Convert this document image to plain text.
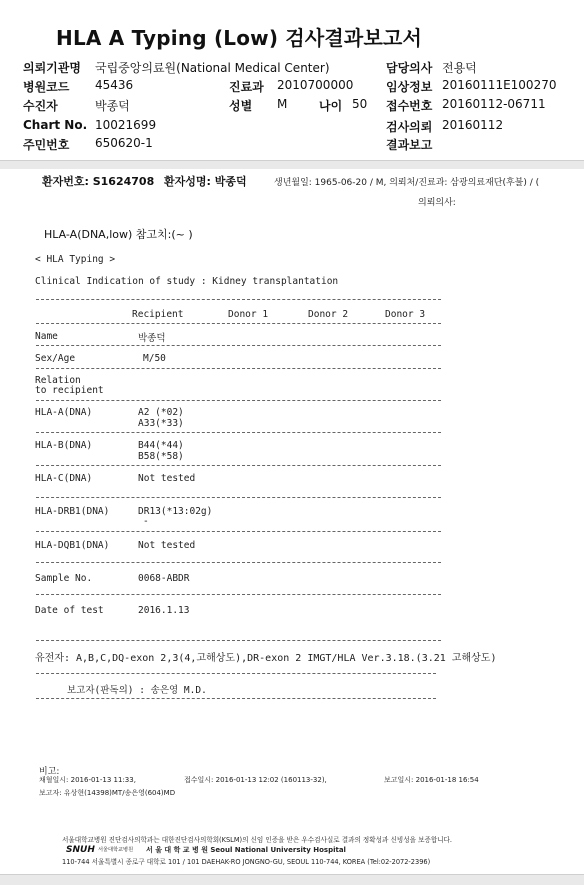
HLA A Typing (Low) 검사결과보고서
의뢰기관명 국립중앙의료원(National Medical Center)	담당의사 전용덕
병원코드 45436	진료과 2010700000	임상정보 20160111E100270
수진자	박종덕	성별 M	나이 50 접수번호 20160112-06711
Chart No. 10021699	검사의뢰 20160112
주민번호 650620-1	결과보고
환자번호: S1624708 환자성명: 박종덕	생년월일: 1965-06-20 / M, 의뢰처/진료과: 삼광의료재단(후불) / (
의뢰의사:
HLA-A(DNA,low) 참고치:(~ )
< HLA Typing >
Clinical Indication of study : Kidney transplantation
Recipient	Donor 1	Donor 2	Donor 3
Name	박종덕
Sex/Age	M/50
Relation
to recipient
HLA-A(DNA)	A2 (*02)
A33(*33)
HLA-B(DNA)	B44(*44)
B58(*58)
HLA-C(DNA)	Not tested
HLA-DRB1(DNA)	DR13(*13:02g)
-
HLA-DQB1(DNA)	Not tested
Sample No.	0068-ABDR
Date of test	2016.1.13
유전자: A,B,C,DQ-exon 2,3(4,고해상도),DR-exon 2 IMGT/HLA Ver.3.18.(3.21 고해상도)
보고자(판독의) : 송은영 M.D.
비고:
채혈일시: 2016-01-13 11:33,	접수일시: 2016-01-13 12:02 (160113-32),	보고일시: 2016-01-18 16:54
보고자: 유상현(14398)MT/송은영(604)MD
서울대학교병원 진단검사의학과는 대한진단검사의학회(KSLM)의 신임 인증을 받은 우수검사실로 결과의 정확성과 신빙성을 보증합니다.
SNUH 서울대학교병원 서 울 대 학 교 병 원 Seoul National University Hospital
110-744 서울특별시 종로구 대학로 101 / 101 DAEHAK-RO JONGNO-GU, SEOUL 110-744, KOREA (Tel:02-2072-2396)
